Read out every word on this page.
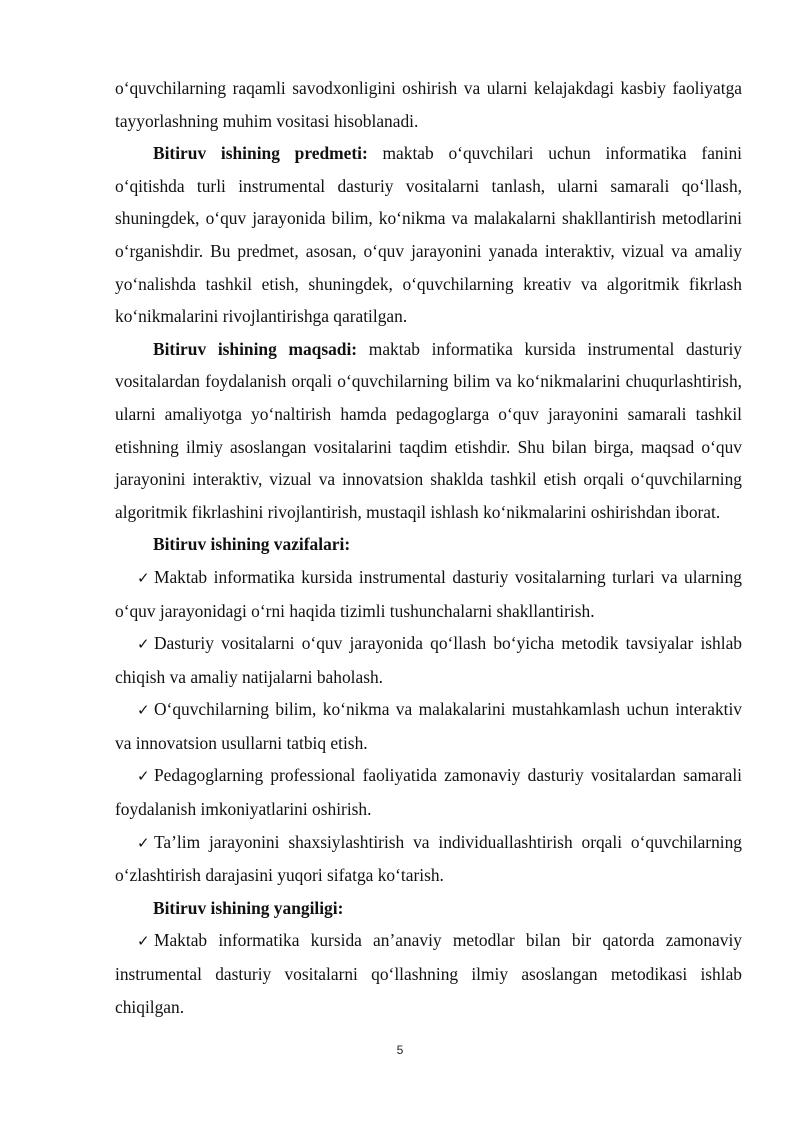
o‘quvchilarning raqamli savodxonligini oshirish va ularni kelajakdagi kasbiy faoliyatga tayyorlashning muhim vositasi hisoblanadi.

Bitiruv ishining predmeti: maktab o‘quvchilari uchun informatika fanini o‘qitishda turli instrumental dasturiy vositalarni tanlash, ularni samarali qo‘llash, shuningdek, o‘quv jarayonida bilim, ko‘nikma va malakalarni shakllantirish metodlarini o‘rganishdir. Bu predmet, asosan, o‘quv jarayonini yanada interaktiv, vizual va amaliy yo‘nalishda tashkil etish, shuningdek, o‘quvchilarning kreativ va algoritmik fikrlash ko‘nikmalarini rivojlantirishga qaratilgan.

Bitiruv ishining maqsadi: maktab informatika kursida instrumental dasturiy vositalardan foydalanish orqali o‘quvchilarning bilim va ko‘nikmalarini chuqurlashtirish, ularni amaliyotga yo‘naltirish hamda pedagoglarga o‘quv jarayonini samarali tashkil etishning ilmiy asoslangan vositalarini taqdim etishdir. Shu bilan birga, maqsad o‘quv jarayonini interaktiv, vizual va innovatsion shaklda tashkil etish orqali o‘quvchilarning algoritmik fikrlashini rivojlantirish, mustaqil ishlash ko‘nikmalarini oshirishdan iborat.

Bitiruv ishining vazifalari:

✓ Maktab informatika kursida instrumental dasturiy vositalarning turlari va ularning o‘quv jarayonidagi o‘rni haqida tizimli tushunchalarni shakllantirish.

✓ Dasturiy vositalarni o‘quv jarayonida qo‘llash bo‘yicha metodik tavsiyalar ishlab chiqish va amaliy natijalarni baholash.

✓ O‘quvchilarning bilim, ko‘nikma va malakalarini mustahkamlash uchun interaktiv va innovatsion usullarni tatbiq etish.

✓ Pedagoglarning professional faoliyatida zamonaviy dasturiy vositalardan samarali foydalanish imkoniyatlarini oshirish.

✓ Ta’lim jarayonini shaxsiylashtirish va individuallashtirish orqali o‘quvchilarning o‘zlashtirish darajasini yuqori sifatga ko‘tarish.

Bitiruv ishining yangiligi:

✓ Maktab informatika kursida an’anaviy metodlar bilan bir qatorda zamonaviy instrumental dasturiy vositalarni qo‘llashning ilmiy asoslangan metodikasi ishlab chiqilgan.

5
